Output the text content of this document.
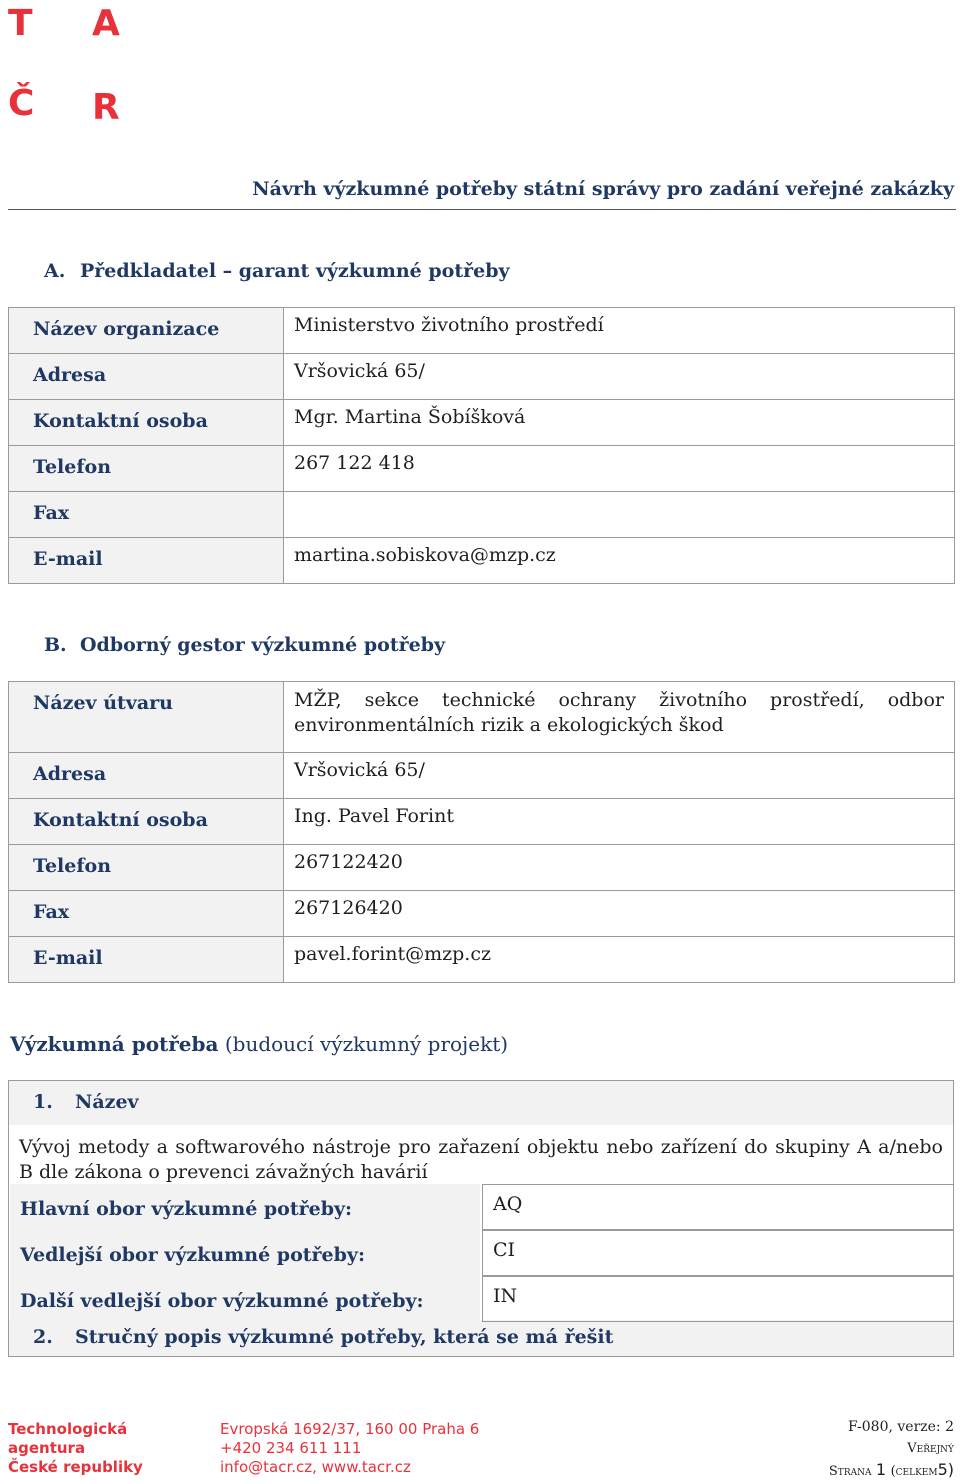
T A
Č R
Návrh výzkumné potřeby státní správy pro zadání veřejné zakázky
A. Předkladatel – garant výzkumné potřeby
Název organizace	Ministerstvo životního prostředí
Adresa	Vršovická 65/
Kontaktní osoba	Mgr. Martina Šobíšková
Telefon	267 122 418
Fax	
E-mail	martina.sobiskova@mzp.cz
B. Odborný gestor výzkumné potřeby
Název útvaru	MŽP, sekce technické ochrany životního prostředí, odbor environmentálních rizik a ekologických škod
Adresa	Vršovická 65/
Kontaktní osoba	Ing. Pavel Forint
Telefon	267122420
Fax	267126420
E-mail	pavel.forint@mzp.cz
Výzkumná potřeba (budoucí výzkumný projekt)
1. Název
Vývoj metody a softwarového nástroje pro zařazení objektu nebo zařízení do skupiny A a/nebo B dle zákona o prevenci závažných havárií
2. Stručný popis výzkumné potřeby, která se má řešit
Hlavní obor výzkumné potřeby:	AQ
Vedlejší obor výzkumné potřeby:	CI
Další vedlejší obor výzkumné potřeby:	IN
Technologická
agentura
České republiky
Evropská 1692/37, 160 00 Praha 6
+420 234 611 111
info@tacr.cz, www.tacr.cz
F-080, verze: 2
Veřejný
Strana 1 (celkem5)
